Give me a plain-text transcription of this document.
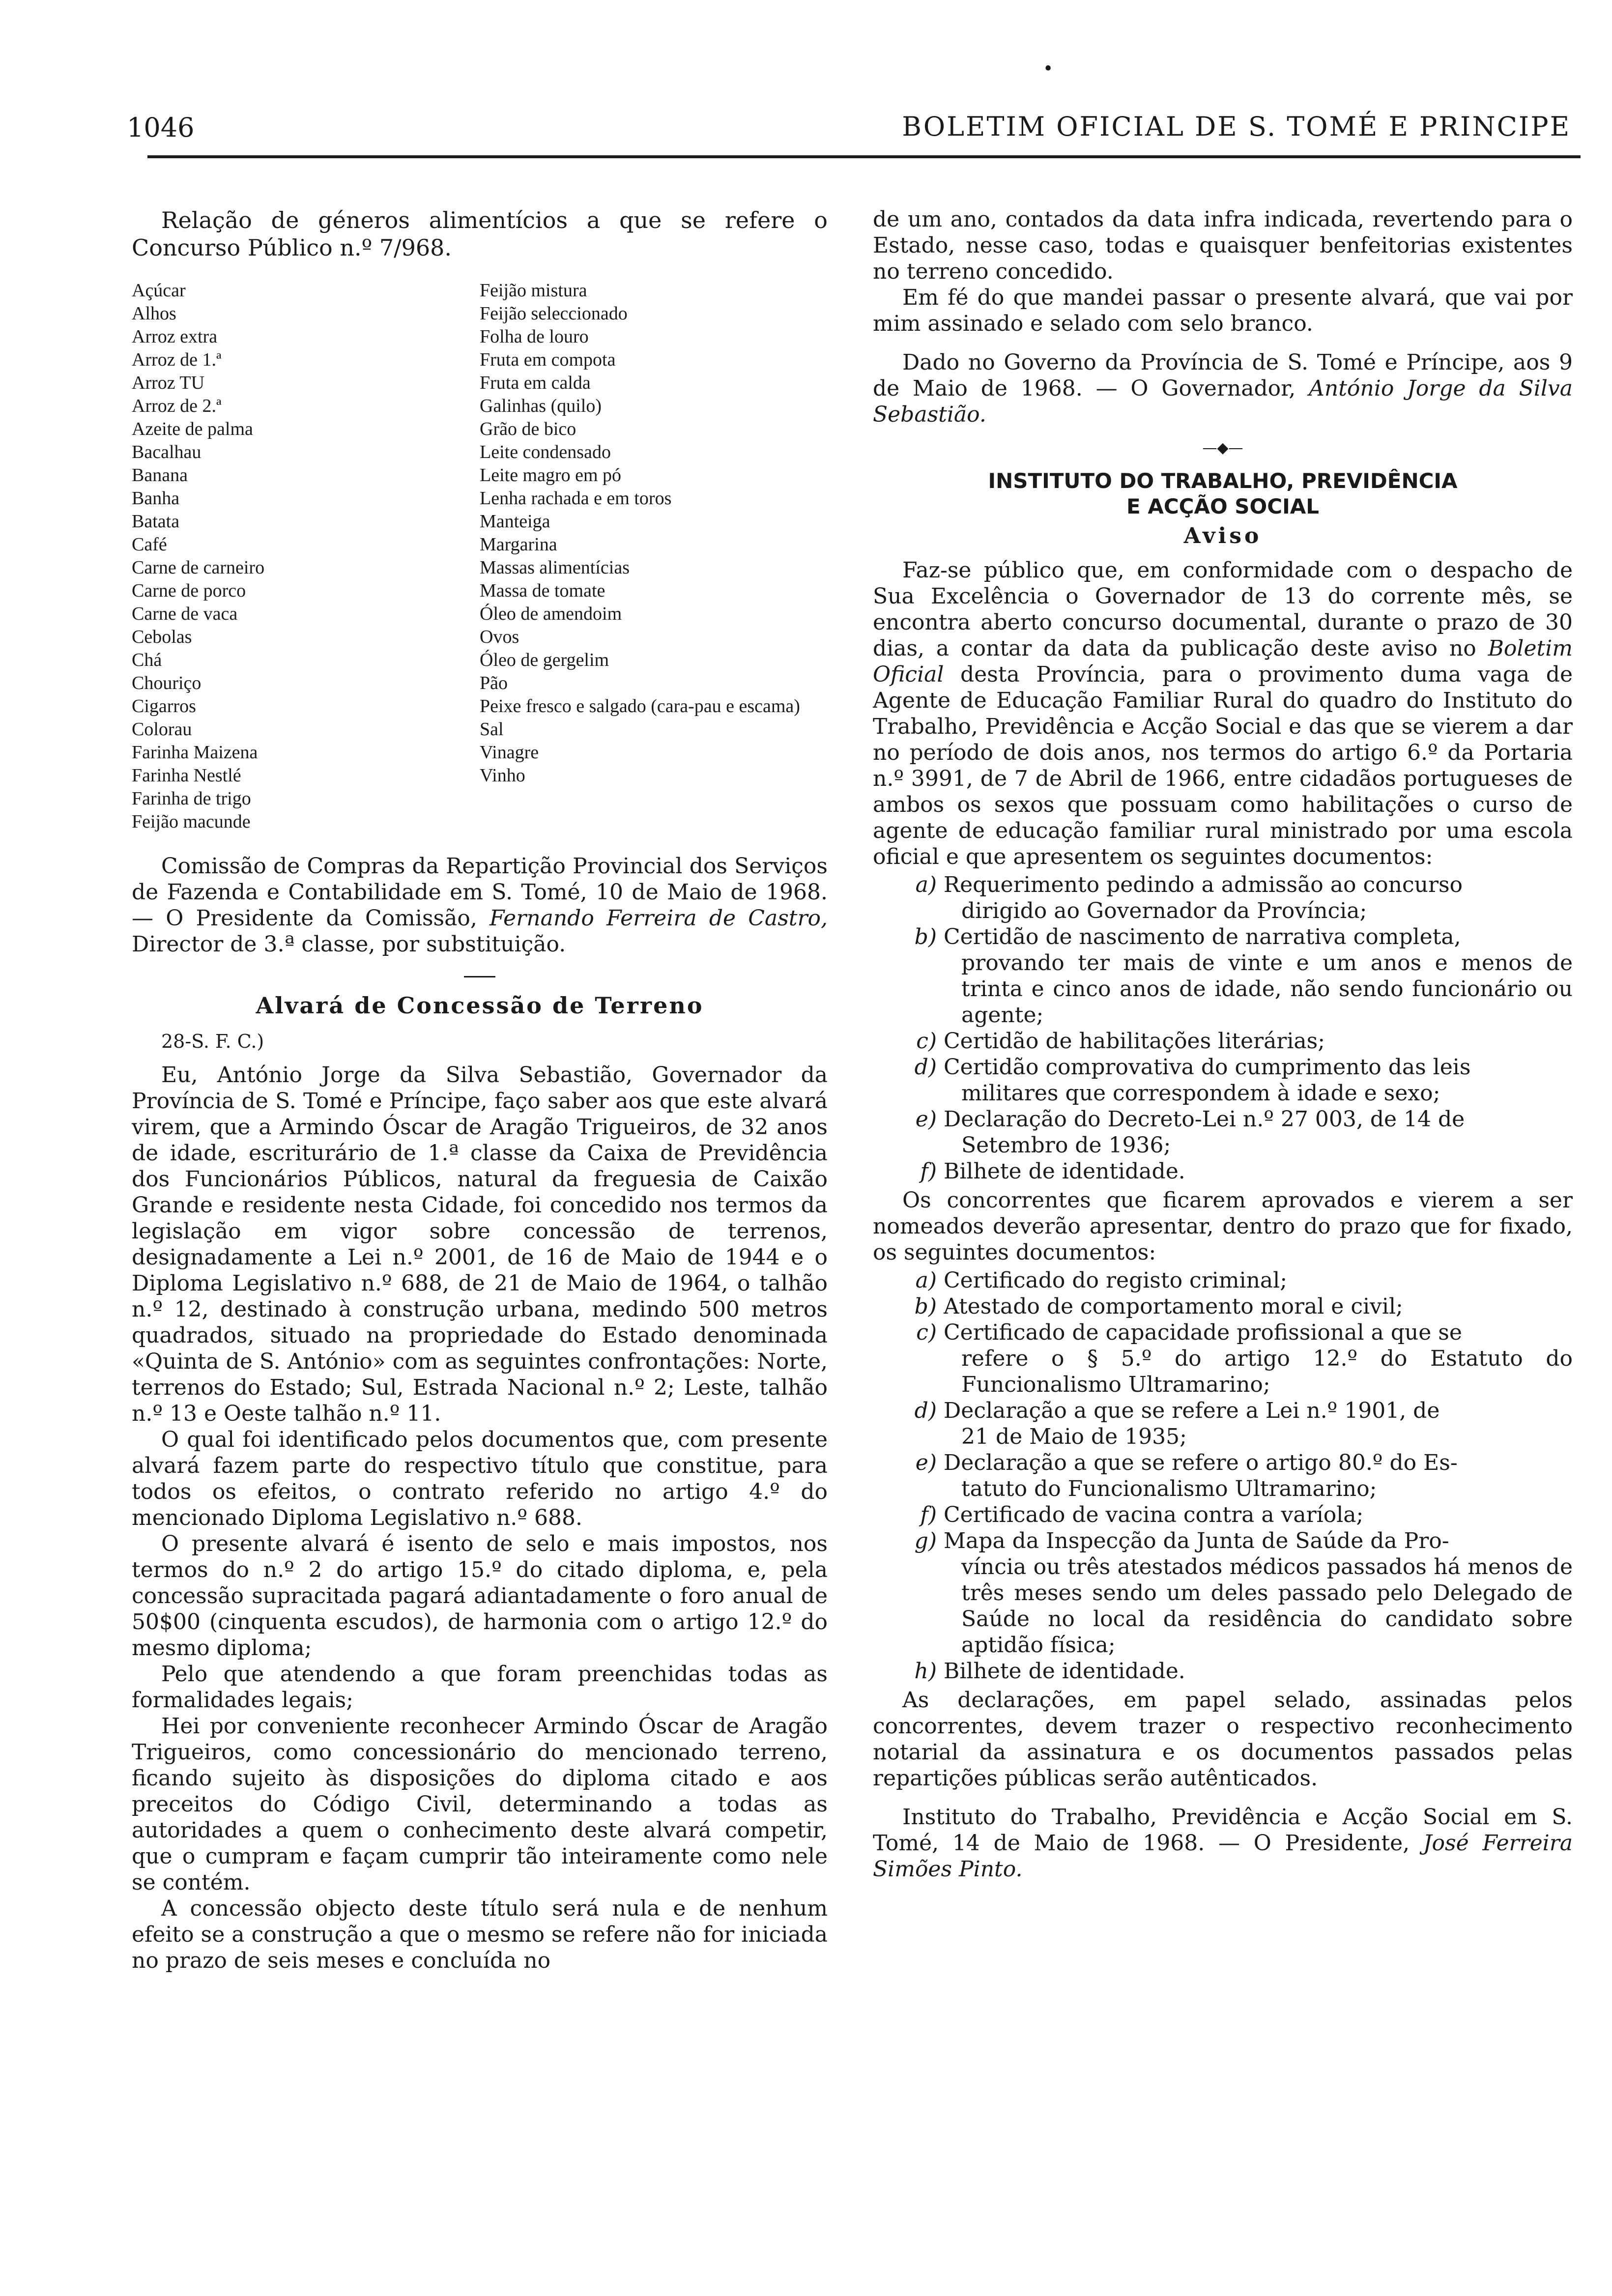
•
1046	BOLETIM OFICIAL DE S. TOMÉ E PRINCIPE

Relação de géneros alimentícios a que se refere o Concurso Público n.º 7/968.

Açúcar
Alhos
Arroz extra
Arroz de 1.ª
Arroz TU
Arroz de 2.ª
Azeite de palma
Bacalhau
Banana
Banha
Batata
Café
Carne de carneiro
Carne de porco
Carne de vaca
Cebolas
Chá
Chouriço
Cigarros
Colorau
Farinha Maizena
Farinha Nestlé
Farinha de trigo
Feijão macunde
Feijão mistura
Feijão seleccionado
Folha de louro
Fruta em compota
Fruta em calda
Galinhas (quilo)
Grão de bico
Leite condensado
Leite magro em pó
Lenha rachada e em toros
Manteiga
Margarina
Massas alimentícias
Massa de tomate
Óleo de amendoim
Ovos
Óleo de gergelim
Pão
Peixe fresco e salgado (cara-pau e escama)
Sal
Vinagre
Vinho

Comissão de Compras da Repartição Provincial dos Serviços de Fazenda e Contabilidade em S. Tomé, 10 de Maio de 1968. — O Presidente da Comissão, Fernando Ferreira de Castro, Director de 3.ª classe, por substituição.

Alvará de Concessão de Terreno
28-S. F. C.)

Eu, António Jorge da Silva Sebastião, Governador da Província de S. Tomé e Príncipe, faço saber aos que este alvará virem, que a Armindo Óscar de Aragão Trigueiros, de 32 anos de idade, escriturário de 1.ª classe da Caixa de Previdência dos Funcionários Públicos, natural da freguesia de Caixão Grande e residente nesta Cidade, foi concedido nos termos da legislação em vigor sobre concessão de terrenos, designadamente a Lei n.º 2001, de 16 de Maio de 1944 e o Diploma Legislativo n.º 688, de 21 de Maio de 1964, o talhão n.º 12, destinado à construção urbana, medindo 500 metros quadrados, situado na propriedade do Estado denominada «Quinta de S. António» com as seguintes confrontações: Norte, terrenos do Estado; Sul, Estrada Nacional n.º 2; Leste, talhão n.º 13 e Oeste talhão n.º 11.

O qual foi identificado pelos documentos que, com presente alvará fazem parte do respectivo título que constitue, para todos os efeitos, o contrato referido no artigo 4.º do mencionado Diploma Legislativo n.º 688.

O presente alvará é isento de selo e mais impostos, nos termos do n.º 2 do artigo 15.º do citado diploma, e, pela concessão supracitada pagará adiantadamente o foro anual de 50$00 (cinquenta escudos), de harmonia com o artigo 12.º do mesmo diploma;

Pelo que atendendo a que foram preenchidas todas as formalidades legais;

Hei por conveniente reconhecer Armindo Óscar de Aragão Trigueiros, como concessionário do mencionado terreno, ficando sujeito às disposições do diploma citado e aos preceitos do Código Civil, determinando a todas as autoridades a quem o conhecimento deste alvará competir, que o cumpram e façam cumprir tão inteiramente como nele se contém.

A concessão objecto deste título será nula e de nenhum efeito se a construção a que o mesmo se refere não for iniciada no prazo de seis meses e concluída no

de um ano, contados da data infra indicada, revertendo para o Estado, nesse caso, todas e quaisquer benfeitorias existentes no terreno concedido.

Em fé do que mandei passar o presente alvará, que vai por mim assinado e selado com selo branco.

Dado no Governo da Província de S. Tomé e Príncipe, aos 9 de Maio de 1968. — O Governador, António Jorge da Silva Sebastião.

—◆—
INSTITUTO DO TRABALHO, PREVIDÊNCIA
E ACÇÃO SOCIAL
Aviso

Faz-se público que, em conformidade com o despacho de Sua Excelência o Governador de 13 do corrente mês, se encontra aberto concurso documental, durante o prazo de 30 dias, a contar da data da publicação deste aviso no Boletim Oficial desta Província, para o provimento duma vaga de Agente de Educação Familiar Rural do quadro do Instituto do Trabalho, Previdência e Acção Social e das que se vierem a dar no período de dois anos, nos termos do artigo 6.º da Portaria n.º 3991, de 7 de Abril de 1966, entre cidadãos portugueses de ambos os sexos que possuam como habilitações o curso de agente de educação familiar rural ministrado por uma escola oficial e que apresentem os seguintes documentos:

a) Requerimento pedindo a admissão ao concurso
dirigido ao Governador da Província;
b) Certidão de nascimento de narrativa completa,
provando ter mais de vinte e um anos e menos de trinta e cinco anos de idade, não sendo funcionário ou agente;
c) Certidão de habilitações literárias;
d) Certidão comprovativa do cumprimento das leis
militares que correspondem à idade e sexo;
e) Declaração do Decreto-Lei n.º 27 003, de 14 de
Setembro de 1936;
f) Bilhete de identidade.

Os concorrentes que ficarem aprovados e vierem a ser nomeados deverão apresentar, dentro do prazo que for fixado, os seguintes documentos:

a) Certificado do registo criminal;
b) Atestado de comportamento moral e civil;
c) Certificado de capacidade profissional a que se
refere o § 5.º do artigo 12.º do Estatuto do Funcionalismo Ultramarino;
d) Declaração a que se refere a Lei n.º 1901, de
21 de Maio de 1935;
e) Declaração a que se refere o artigo 80.º do Es-
tatuto do Funcionalismo Ultramarino;
f) Certificado de vacina contra a varíola;
g) Mapa da Inspecção da Junta de Saúde da Pro-
víncia ou três atestados médicos passados há menos de três meses sendo um deles passado pelo Delegado de Saúde no local da residência do candidato sobre aptidão física;
h) Bilhete de identidade.

As declarações, em papel selado, assinadas pelos concorrentes, devem trazer o respectivo reconhecimento notarial da assinatura e os documentos passados pelas repartições públicas serão autênticados.

Instituto do Trabalho, Previdência e Acção Social em S. Tomé, 14 de Maio de 1968. — O Presidente, José Ferreira Simões Pinto.
